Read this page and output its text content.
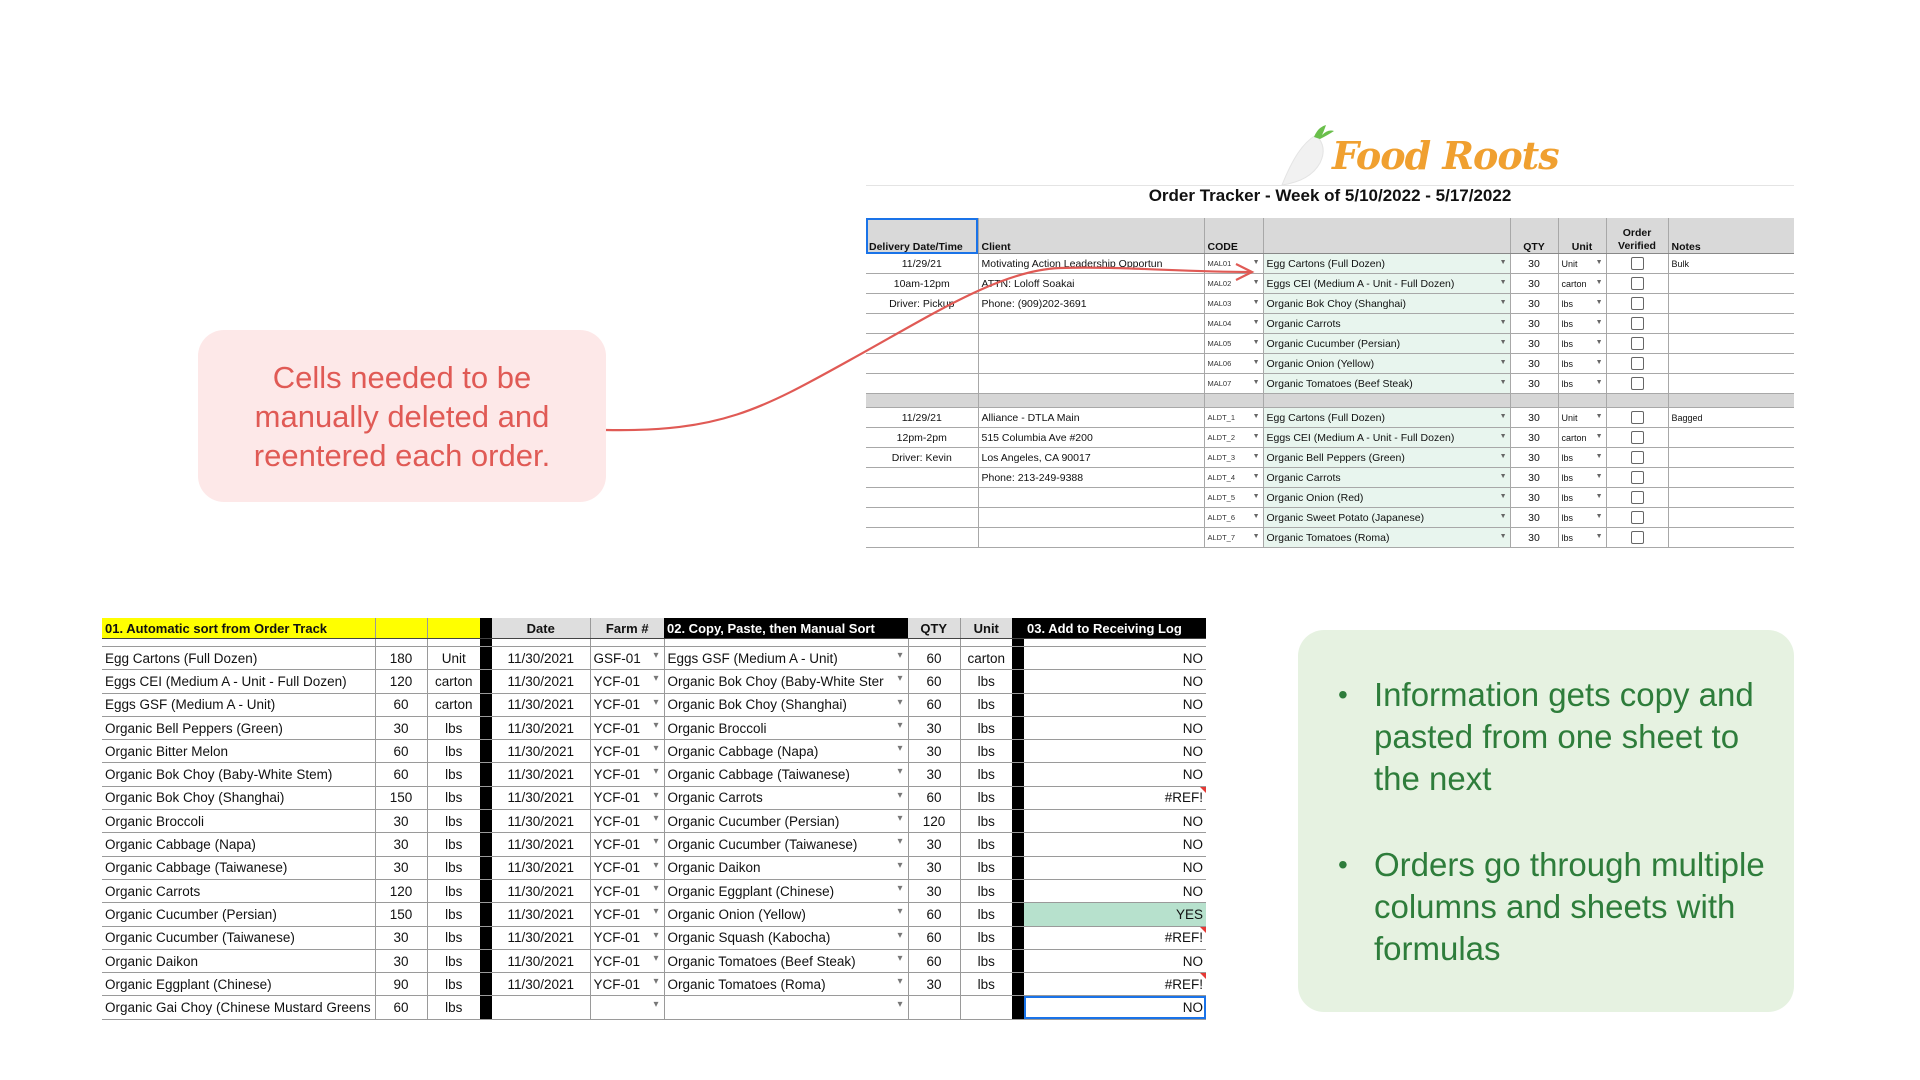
Food Roots
Order Tracker - Week of 5/10/2022 - 5/17/2022
Delivery Date/Time	Client	CODE		QTY	Unit	Order Verified	Notes
11/29/21	Motivating Action Leadership Opportun	MAL01 ▼	Egg Cartons (Full Dozen) ▼	30	Unit ▼		Bulk
10am-12pm	ATTN: Loloff Soakai	MAL02 ▼	Eggs CEI (Medium A - Unit - Full Dozen) ▼	30	carton ▼		

Driver: Pickup	Phone: (909)202-3691	MAL03 ▼	Organic Bok Choy (Shanghai) ▼	30	lbs ▼		

		MAL04 ▼	Organic Carrots ▼	30	lbs ▼		

		MAL05 ▼	Organic Cucumber (Persian) ▼	30	lbs ▼		

		MAL06 ▼	Organic Onion (Yellow) ▼	30	lbs ▼		

		MAL07 ▼	Organic Tomatoes (Beef Steak) ▼	30	lbs ▼		

11/29/21	Alliance - DTLA Main	ALDT_1 ▼	Egg Cartons (Full Dozen) ▼	30	Unit ▼		Bagged
12pm-2pm	515 Columbia Ave #200	ALDT_2 ▼	Eggs CEI (Medium A - Unit - Full Dozen) ▼	30	carton ▼		

Driver: Kevin	Los Angeles, CA 90017	ALDT_3 ▼	Organic Bell Peppers (Green) ▼	30	lbs ▼		

	Phone: 213-249-9388	ALDT_4 ▼	Organic Carrots ▼	30	lbs ▼		

		ALDT_5 ▼	Organic Onion (Red) ▼	30	lbs ▼		

		ALDT_6 ▼	Organic Sweet Potato (Japanese) ▼	30	lbs ▼		

		ALDT_7 ▼	Organic Tomatoes (Roma) ▼	30	lbs ▼		

Cells needed to be manually deleted and reentered each order.
01. Automatic sort from Order Track				Date	Farm #	02. Copy, Paste, then Manual Sort	QTY	Unit		03. Add to Receiving Log

Egg Cartons (Full Dozen)	180	Unit		11/30/2021	GSF-01 ▾	Eggs GSF (Medium A - Unit) ▾	60	carton		NO
Eggs CEI (Medium A - Unit - Full Dozen)	120	carton		11/30/2021	YCF-01 ▾	Organic Bok Choy (Baby-White Ster ▾	60	lbs		NO
Eggs GSF (Medium A - Unit)	60	carton		11/30/2021	YCF-01 ▾	Organic Bok Choy (Shanghai) ▾	60	lbs		NO
Organic Bell Peppers (Green)	30	lbs		11/30/2021	YCF-01 ▾	Organic Broccoli ▾	30	lbs		NO
Organic Bitter Melon	60	lbs		11/30/2021	YCF-01 ▾	Organic Cabbage (Napa) ▾	30	lbs		NO
Organic Bok Choy (Baby-White Stem)	60	lbs		11/30/2021	YCF-01 ▾	Organic Cabbage (Taiwanese) ▾	30	lbs		NO
Organic Bok Choy (Shanghai)	150	lbs		11/30/2021	YCF-01 ▾	Organic Carrots ▾	60	lbs		#REF!
Organic Broccoli	30	lbs		11/30/2021	YCF-01 ▾	Organic Cucumber (Persian) ▾	120	lbs		NO
Organic Cabbage (Napa)	30	lbs		11/30/2021	YCF-01 ▾	Organic Cucumber (Taiwanese) ▾	30	lbs		NO
Organic Cabbage (Taiwanese)	30	lbs		11/30/2021	YCF-01 ▾	Organic Daikon ▾	30	lbs		NO
Organic Carrots	120	lbs		11/30/2021	YCF-01 ▾	Organic Eggplant (Chinese) ▾	30	lbs		NO
Organic Cucumber (Persian)	150	lbs		11/30/2021	YCF-01 ▾	Organic Onion (Yellow) ▾	60	lbs		YES
Organic Cucumber (Taiwanese)	30	lbs		11/30/2021	YCF-01 ▾	Organic Squash (Kabocha) ▾	60	lbs		#REF!
Organic Daikon	30	lbs		11/30/2021	YCF-01 ▾	Organic Tomatoes (Beef Steak) ▾	60	lbs		NO
Organic Eggplant (Chinese)	90	lbs		11/30/2021	YCF-01 ▾	Organic Tomatoes (Roma) ▾	30	lbs		#REF!
Organic Gai Choy (Chinese Mustard Greens	60	lbs			▾	▾				NO
• Information gets copy and pasted from one sheet to the next
• Orders go through multiple columns and sheets with formulas
